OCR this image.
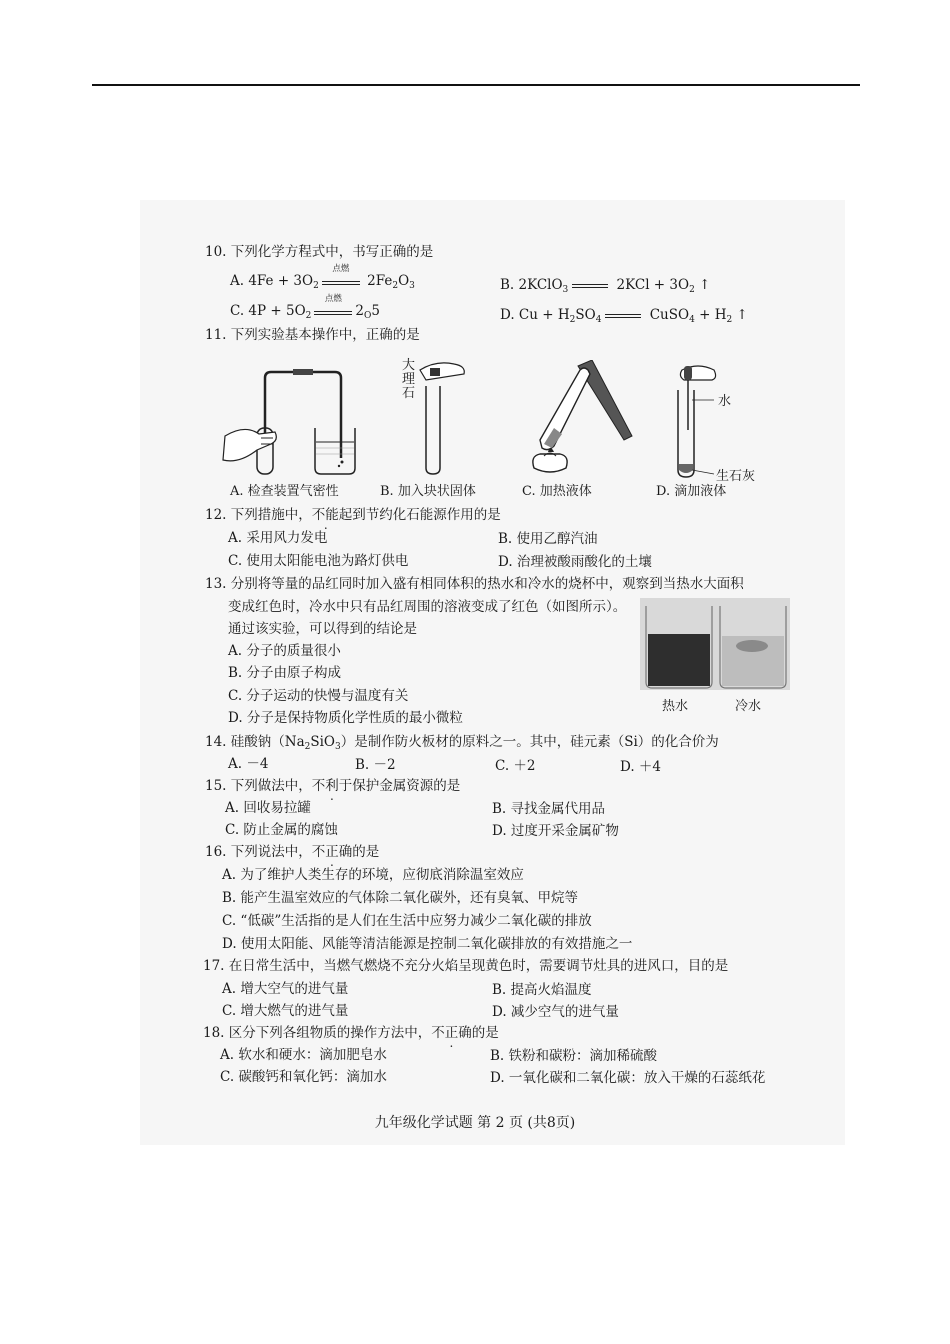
10. 下列化学方程式中，书写正确的是
A. $4Fe + 3O_2$
点燃
$2Fe_2O_3$	B. 2KClO$_3$	$2KCl + 3O_2$ ↑
C. $4P + 5O_2$
点燃
$2_O5$	D. $Cu + H_2SO_4$	CuSO$_4$ + $H_2$ ↑
11. 下列实验基本操作中，正确的是
A. 检查装置气密性
大
理
石
B. 加入块状固体	C. 加热液体
水
生石灰
D. 滴加液体
12. 下列措施中，不能起到节约化石能源作用的是
A. 采用风力发电	B. 使用乙醇汽油
C. 使用太阳能电池为路灯供电	D. 治理被酸雨酸化的土壤
13. 分别将等量的品红同时加入盛有相同体积的热水和冷水的烧杯中，观察到当热水大面积
变成红色时，冷水中只有品红周围的溶液变成了红色（如图所示）。
通过该实验，可以得到的结论是
A. 分子的质量很小
B. 分子由原子构成
C. 分子运动的快慢与温度有关
D. 分子是保持物质化学性质的最小微粒
热水	冷水
14. 硅酸钠$(Na_2SiO_3)$是制作防火板材的原料之一。其中，硅元素（Si）的化合价为
A. －4	B. －2	C. ＋2	D. ＋4
15. 下列做法中，不利于保护金属资源的是
A. 回收易拉罐	B. 寻找金属代用品
C. 防止金属的腐蚀	D. 过度开采金属矿物
16. 下列说法中，不正确的是
A. 为了维护人类生存的环境，应彻底消除温室效应
B. 能产生温室效应的气体除二氧化碳外，还有臭氧、甲烷等
C. “低碳”生活指的是人们在生活中应努力减少二氧化碳的排放
D. 使用太阳能、风能等清洁能源是控制二氧化碳排放的有效措施之一
17. 在日常生活中，当燃气燃烧不充分火焰呈现黄色时，需要调节灶具的进风口，目的是
A. 增大空气的进气量	B. 提高火焰温度
C. 增大燃气的进气量	D. 减少空气的进气量
18. 区分下列各组物质的操作方法中，不正确的是
A. 软水和硬水：滴加肥皂水	B. 铁粉和碳粉：滴加稀硫酸
C. 碳酸钙和氧化钙：滴加水	D. 一氧化碳和二氧化碳：放入干燥的石蕊纸花
九年级化学试题 第 2 页 (共8页)
